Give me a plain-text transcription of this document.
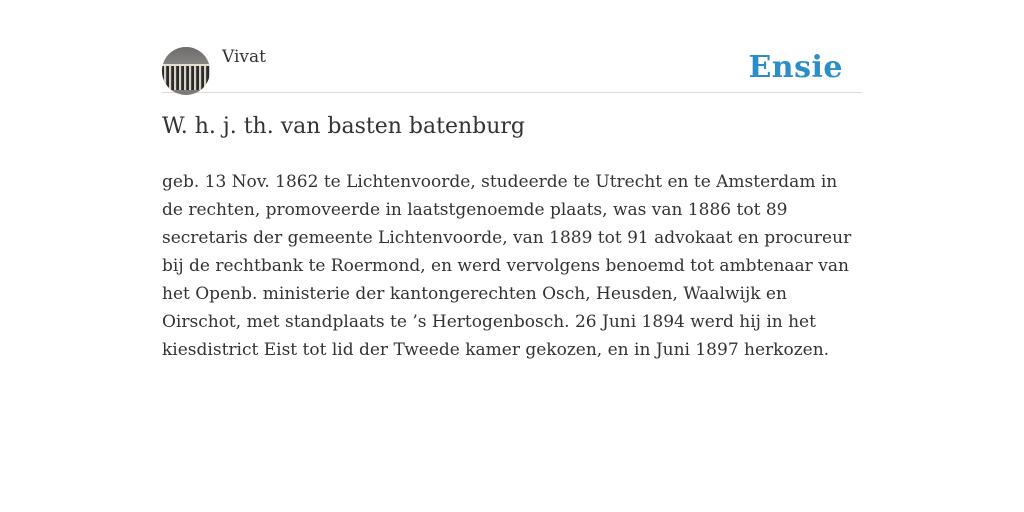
Vivat	Ensie
W. h. j. th. van basten batenburg

geb. 13 Nov. 1862 te Lichtenvoorde, studeerde te Utrecht en te Amsterdam in de rechten, promoveerde in laatstgenoemde plaats, was van 1886 tot 89 secretaris der gemeente Lichtenvoorde, van 1889 tot 91 advokaat en procureur bij de rechtbank te Roermond, en werd vervolgens benoemd tot ambtenaar van het Openb. ministerie der kantongerechten Osch, Heusden, Waalwijk en Oirschot, met standplaats te ’s Hertogenbosch. 26 Juni 1894 werd hij in het kiesdistrict Eist tot lid der Tweede kamer gekozen, en in Juni 1897 herkozen.
